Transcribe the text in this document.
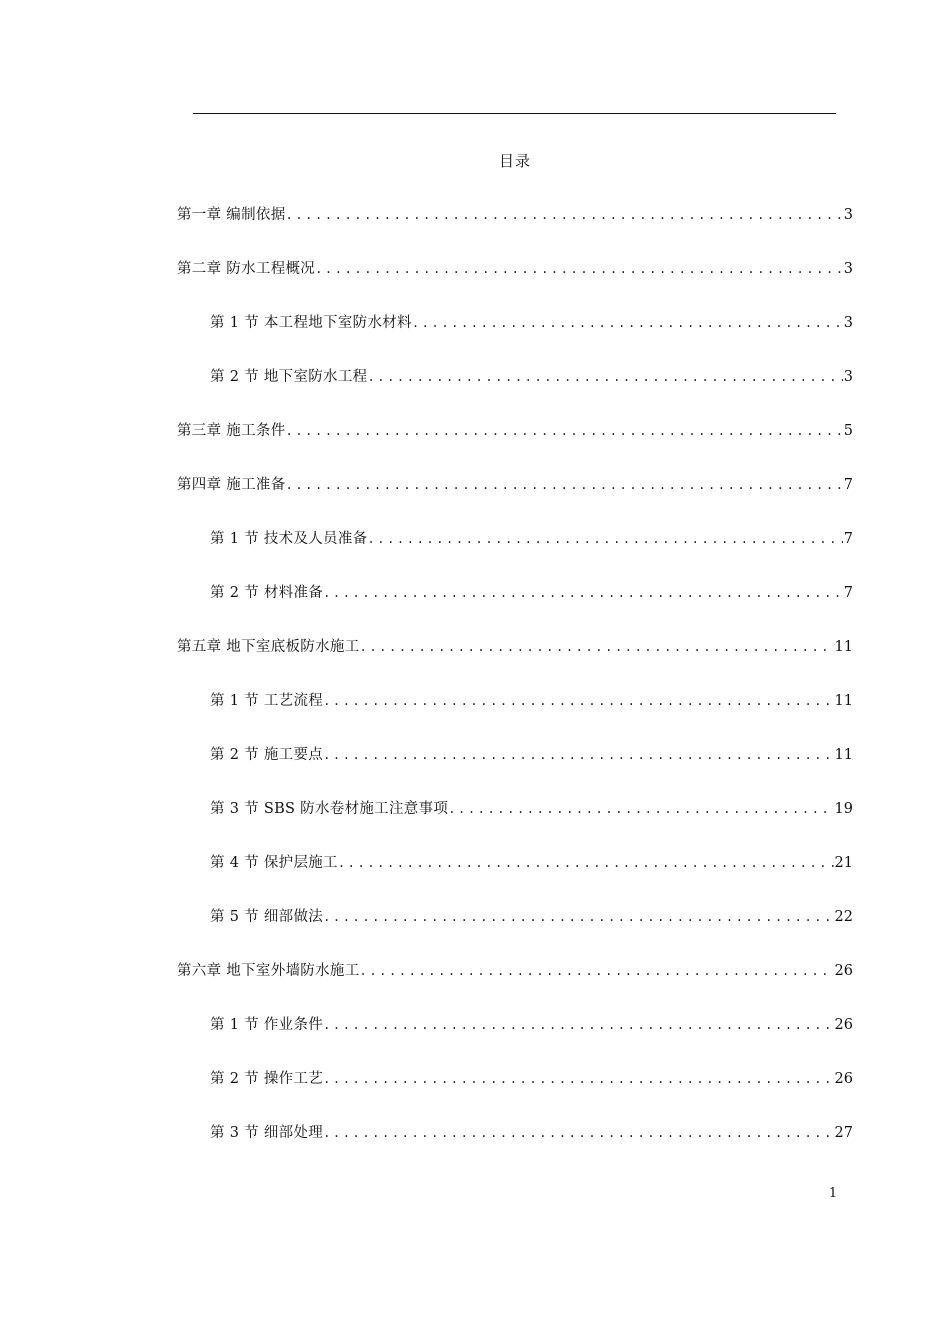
目录
第一章 编制依据 .....	3
第二章 防水工程概况 .....	3
第 1 节 本工程地下室防水材料 .....	3
第 2 节 地下室防水工程 .....	3
第三章 施工条件 .....	5
第四章 施工准备 .....	7
第 1 节 技术及人员准备 .....	7
第 2 节 材料准备 .....	7
第五章 地下室底板防水施工 .....	11
第 1 节 工艺流程 .....	11
第 2 节 施工要点 .....	11
第 3 节 SBS 防水卷材施工注意事项 .....	19
第 4 节 保护层施工 .....	21
第 5 节 细部做法 .....	22
第六章 地下室外墙防水施工 .....	26
第 1 节 作业条件 .....	26
第 2 节 操作工艺 .....	26
第 3 节 细部处理 .....	27
1
